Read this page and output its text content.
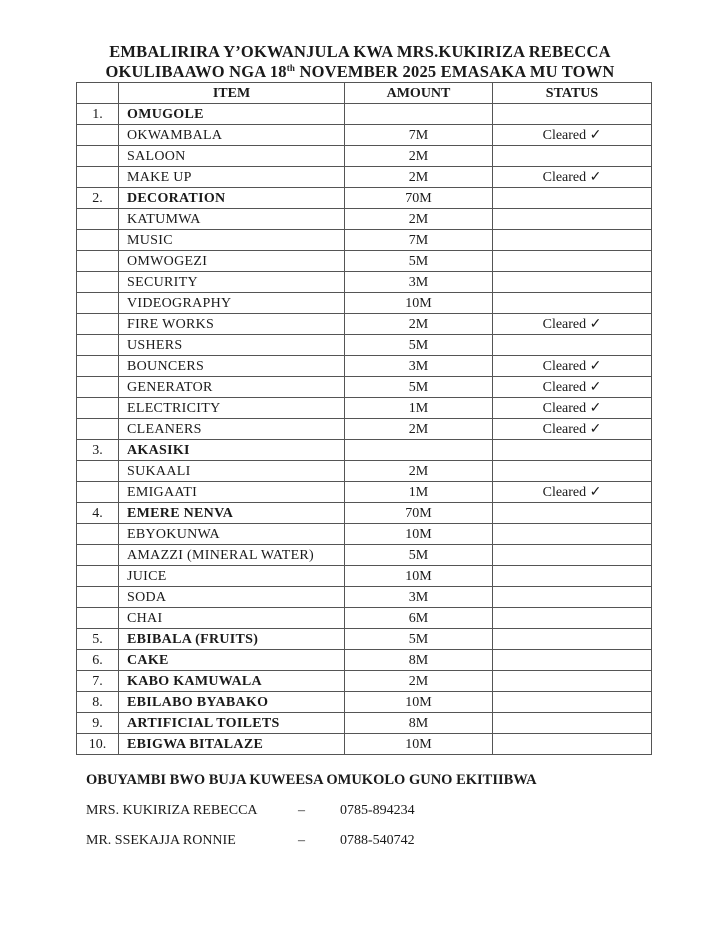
EMBALIRIRA Y’OKWANJULA KWA MRS.KUKIRIZA REBECCA
OKULIBAAWO NGA 18th NOVEMBER 2025 EMASAKA MU TOWN
	ITEM	AMOUNT	STATUS
1.	OMUGOLE		
	OKWAMBALA	7M	Cleared ✓
	SALOON	2M	
	MAKE UP	2M	Cleared ✓
2.	DECORATION	70M	
	KATUMWA	2M	
	MUSIC	7M	
	OMWOGEZI	5M	
	SECURITY	3M	
	VIDEOGRAPHY	10M	
	FIRE WORKS	2M	Cleared ✓
	USHERS	5M	
	BOUNCERS	3M	Cleared ✓
	GENERATOR	5M	Cleared ✓
	ELECTRICITY	1M	Cleared ✓
	CLEANERS	2M	Cleared ✓
3.	AKASIKI		
	SUKAALI	2M	
	EMIGAATI	1M	Cleared ✓
4.	EMERE NENVA	70M	
	EBYOKUNWA	10M	
	AMAZZI (MINERAL WATER)	5M	
	JUICE	10M	
	SODA	3M	
	CHAI	6M	
5.	EBIBALA (FRUITS)	5M	
6.	CAKE	8M	
7.	KABO KAMUWALA	2M	
8.	EBILABO BYABAKO	10M	
9.	ARTIFICIAL TOILETS	8M	
10.	EBIGWA BITALAZE	10M	
OBUYAMBI BWO BUJA KUWEESA OMUKOLO GUNO EKITIIBWA
MRS. KUKIRIZA REBECCA	–	0785-894234
MR. SSEKAJJA RONNIE	–	0788-540742
